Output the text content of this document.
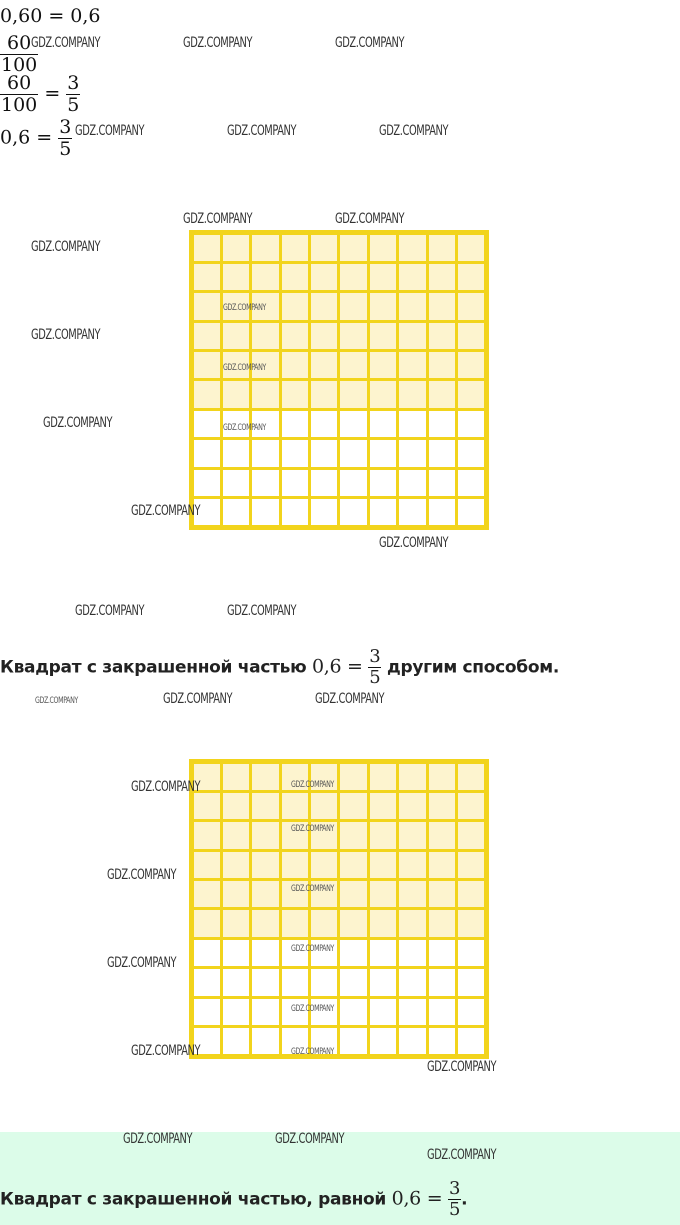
0,60 = 0,6
$\frac{60}{100}$
$\frac{60}{100} = \frac{3}{5}$
$0,6 = \frac{3}{5}$
Квадрат с закрашенной частью $0,6 = \frac{3}{5}$ другим способом.
Квадрат с закрашенной частью, равной $0,6 = \frac{3}{5}$ .
GDZ.COMPANY	GDZ.COMPANY	GDZ.COMPANY
GDZ.COMPANY	GDZ.COMPANY	GDZ.COMPANY
GDZ.COMPANY	GDZ.COMPANY
GDZ.COMPANY
GDZ.COMPANY
GDZ.COMPANY
GDZ.COMPANY
GDZ.COMPANY
GDZ.COMPANY
GDZ.COMPANY
GDZ.COMPANY
GDZ.COMPANY	GDZ.COMPANY
GDZ.COMPANY	GDZ.COMPANY	GDZ.COMPANY
GDZ.COMPANY
GDZ.COMPANY
GDZ.COMPANY
GDZ.COMPANY
GDZ.COMPANY
GDZ.COMPANY
GDZ.COMPANY
GDZ.COMPANY
GDZ.COMPANY
GDZ.COMPANY
GDZ.COMPANY
GDZ.COMPANY	GDZ.COMPANY
GDZ.COMPANY
